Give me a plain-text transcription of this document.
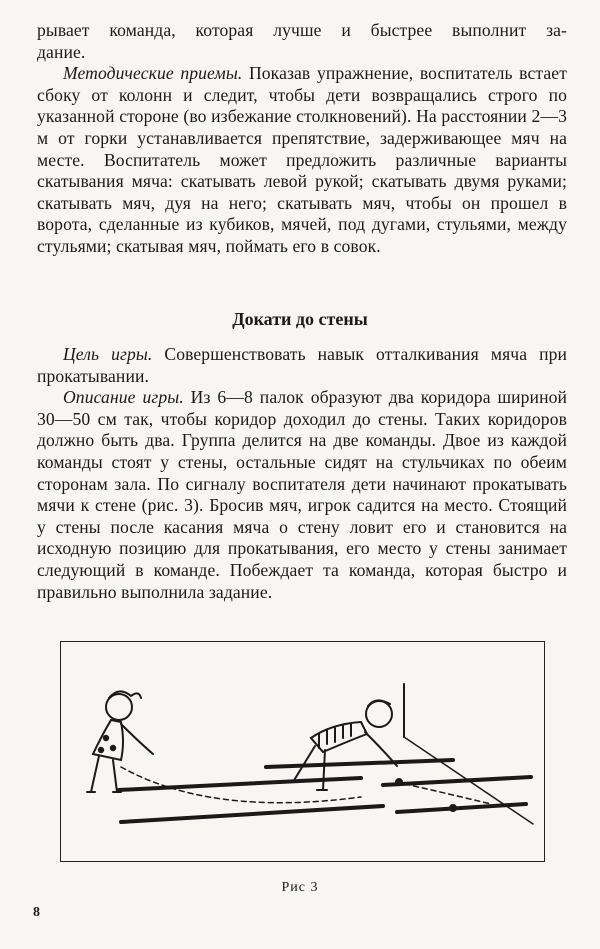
рывает команда, которая лучше и быстрее выполнит за-

дание.

Методические приемы. Показав упражнение, воспитатель встает сбоку от колонн и следит, чтобы дети возвращались строго по указанной стороне (во избежание столкновений). На расстоянии 2—3 м от горки устанавливается препятствие, задерживающее мяч на месте. Воспитатель может предложить различные варианты скатывания мяча: скатывать левой рукой; скатывать двумя руками; скатывать мяч, дуя на него; скатывать мяч, чтобы он прошел в ворота, сделанные из кубиков, мячей, под дугами, стульями, между стульями; скатывая мяч, поймать его в совок.

Докати до стены

Цель игры. Совершенствовать навык отталкивания мяча при прокатывании.

Описание игры. Из 6—8 палок образуют два коридора шириной 30—50 см так, чтобы коридор доходил до стены. Таких коридоров должно быть два. Группа делится на две команды. Двое из каждой команды стоят у стены, остальные сидят на стульчиках по обеим сторонам зала. По сигналу воспитателя дети начинают прокатывать мячи к стене (рис. 3). Бросив мяч, игрок садится на место. Стоящий у стены после касания мяча о стену ловит его и становится на исходную позицию для прокатывания, его место у стены занимает следующий в команде. Побеждает та команда, которая быстро и правильно выполнила задание.

Рис 3
8
